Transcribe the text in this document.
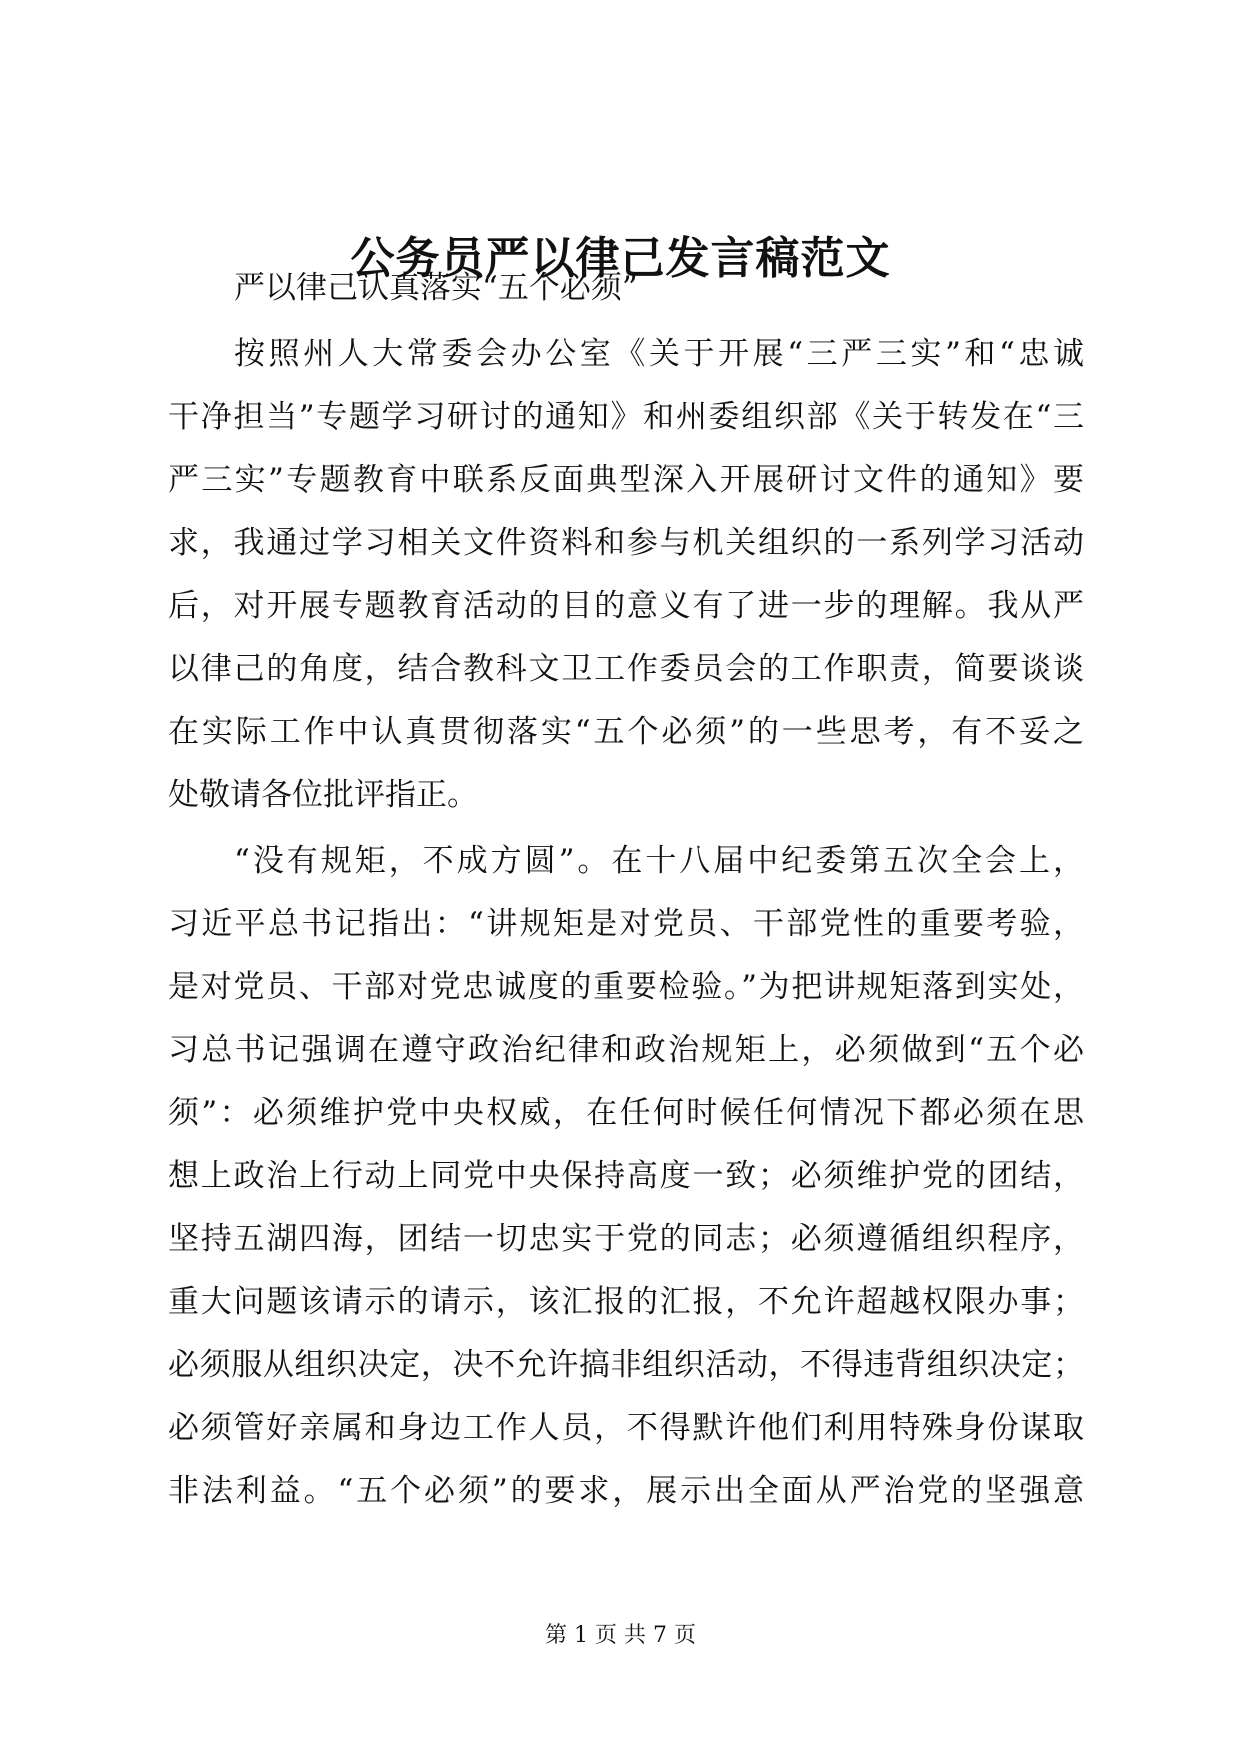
公务员严以律己发言稿范文
严以律己认真落实“五个必须”
按照州人大常委会办公室《关于开展“三严三实”和“忠诚
干净担当”专题学习研讨的通知》和州委组织部《关于转发在“三
严三实”专题教育中联系反面典型深入开展研讨文件的通知》要
求，我通过学习相关文件资料和参与机关组织的一系列学习活动
后，对开展专题教育活动的目的意义有了进一步的理解。我从严
以律己的角度，结合教科文卫工作委员会的工作职责，简要谈谈
在实际工作中认真贯彻落实“五个必须”的一些思考，有不妥之
处敬请各位批评指正。
“没有规矩，不成方圆”。在十八届中纪委第五次全会上，
习近平总书记指出：“讲规矩是对党员、干部党性的重要考验，
是对党员、干部对党忠诚度的重要检验。”为把讲规矩落到实处，
习总书记强调在遵守政治纪律和政治规矩上，必须做到“五个必
须”：必须维护党中央权威，在任何时候任何情况下都必须在思
想上政治上行动上同党中央保持高度一致；必须维护党的团结，
坚持五湖四海，团结一切忠实于党的同志；必须遵循组织程序，
重大问题该请示的请示，该汇报的汇报，不允许超越权限办事；
必须服从组织决定，决不允许搞非组织活动，不得违背组织决定；
必须管好亲属和身边工作人员，不得默许他们利用特殊身份谋取
非法利益。“五个必须”的要求，展示出全面从严治党的坚强意
第 1 页 共 7 页
